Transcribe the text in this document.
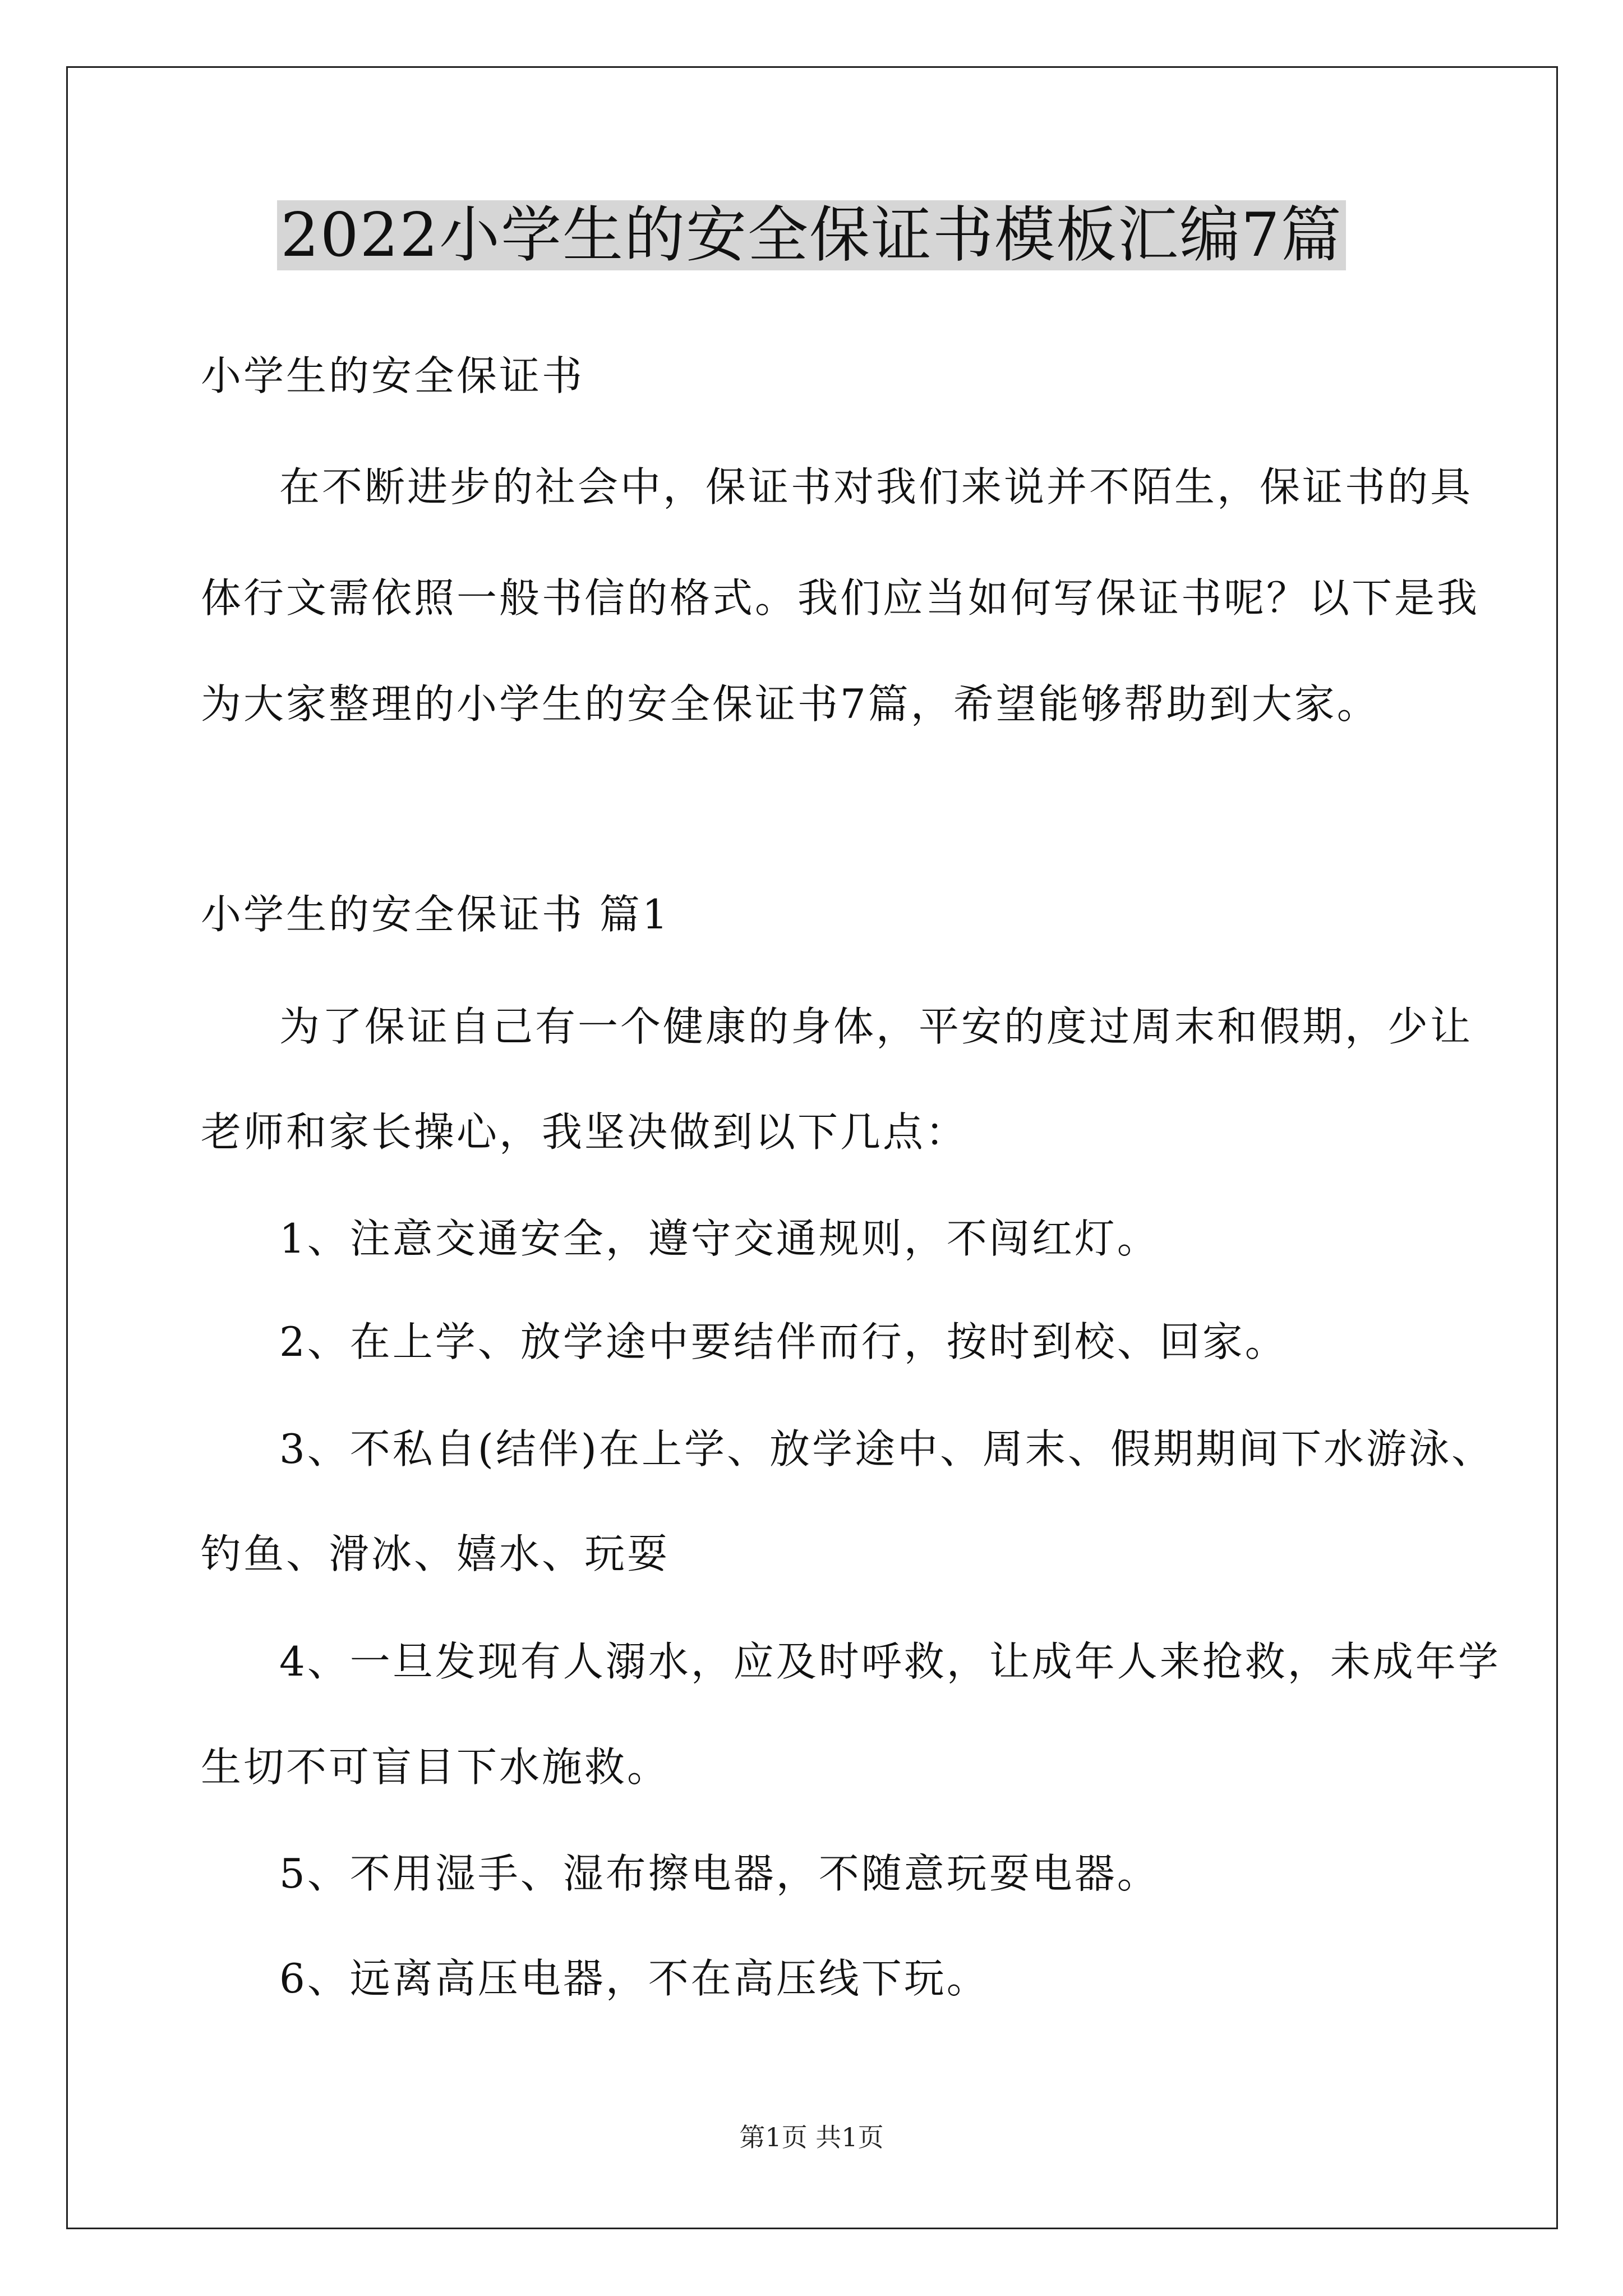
2022小学生的安全保证书模板汇编7篇
小学生的安全保证书
在不断进步的社会中，保证书对我们来说并不陌生，保证书的具
体行文需依照一般书信的格式。我们应当如何写保证书呢？以下是我
为大家整理的小学生的安全保证书7篇，希望能够帮助到大家。
小学生的安全保证书 篇1
为了保证自己有一个健康的身体，平安的度过周末和假期，少让
老师和家长操心，我坚决做到以下几点：
1、注意交通安全，遵守交通规则，不闯红灯。
2、在上学、放学途中要结伴而行，按时到校、回家。
3、不私自(结伴)在上学、放学途中、周末、假期期间下水游泳、
钓鱼、滑冰、嬉水、玩耍
4、一旦发现有人溺水，应及时呼救，让成年人来抢救，未成年学
生切不可盲目下水施救。
5、不用湿手、湿布擦电器，不随意玩耍电器。
6、远离高压电器，不在高压线下玩。
第1页 共1页
